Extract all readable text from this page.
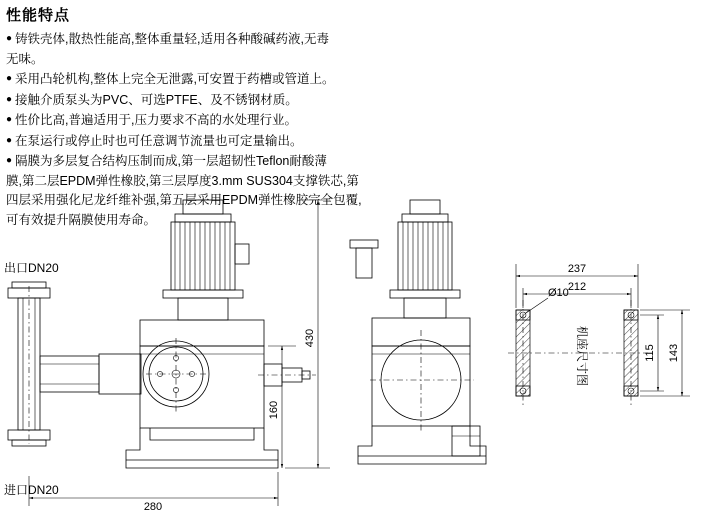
性能特点
● 铸铁壳体,散热性能高,整体重量轻,适用各种酸碱药液,无毒
无味。
● 采用凸轮机构,整体上完全无泄露,可安置于药槽或管道上。
● 接触介质泵头为PVC、可选PTFE、及不锈钢材质。
● 性价比高,普遍适用于,压力要求不高的水处理行业。
● 在泵运行或停止时也可任意调节流量也可定量输出。
● 隔膜为多层复合结构压制而成,第一层超韧性Teflon耐酸薄
膜,第二层EPDM弹性橡胶,第三层厚度3.mm SUS304支撑铁芯,第
四层采用强化尼龙纤维补强,第五层采用EPDM弹性橡胶完全包覆,
可有效提升隔膜使用寿命。
430
160
280
出口DN20
进口DN20
Ø10 212
237
115 143
机座尺寸图
